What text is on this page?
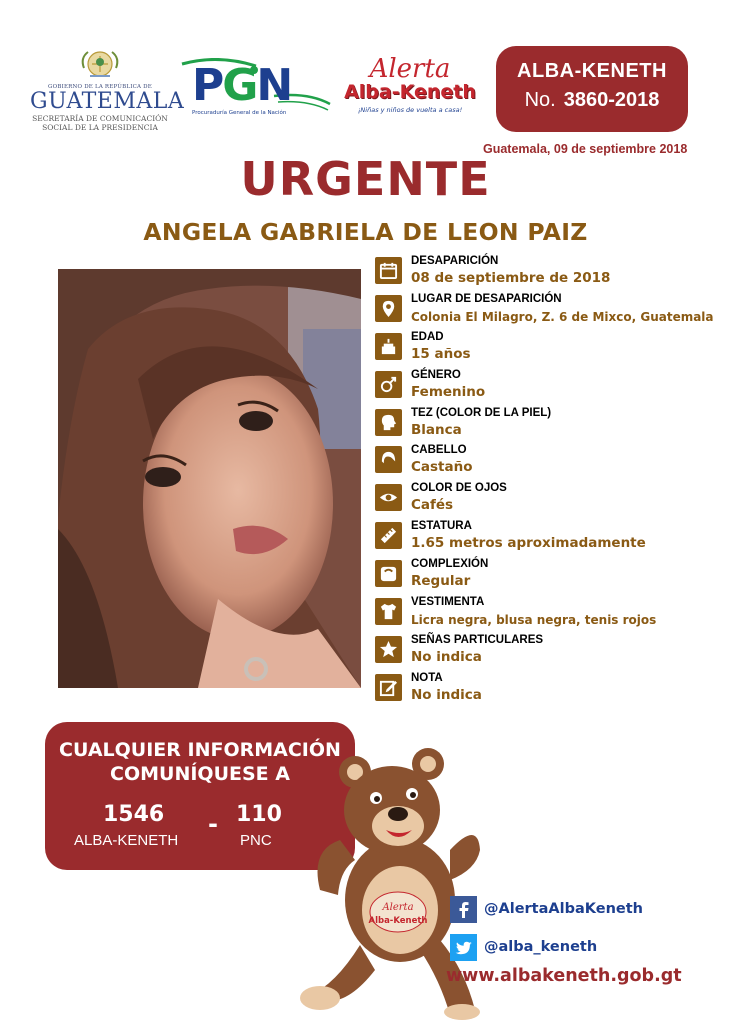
GOBIERNO DE LA REPÚBLICA DE
GUATEMALA
SECRETARÍA DE COMUNICACIÓN
SOCIAL DE LA PRESIDENCIA
PGN
Procuraduría General de la Nación
Alerta
Alba-Keneth
¡Niñas y niños de vuelta a casa!
ALBA-KENETH
No. 3860-2018
Guatemala, 09 de septiembre 2018
URGENTE
ANGELA GABRIELA DE LEON PAIZ
DESAPARICIÓN
08 de septiembre de 2018
LUGAR DE DESAPARICIÓN
Colonia El Milagro, Z. 6 de Mixco, Guatemala
EDAD
15 años
GÉNERO
Femenino
TEZ (COLOR DE LA PIEL)
Blanca
CABELLO
Castaño
COLOR DE OJOS
Cafés
ESTATURA
1.65 metros aproximadamente
COMPLEXIÓN
Regular
VESTIMENTA
Licra negra, blusa negra, tenis rojos
SEÑAS PARTICULARES
No indica
NOTA
No indica
CUALQUIER INFORMACIÓN
COMUNÍQUESE A
1546 - 110
ALBA-KENETH	PNC
Alerta
Alba-Keneth
@AlertaAlbaKeneth
@alba_keneth
www.albakeneth.gob.gt
